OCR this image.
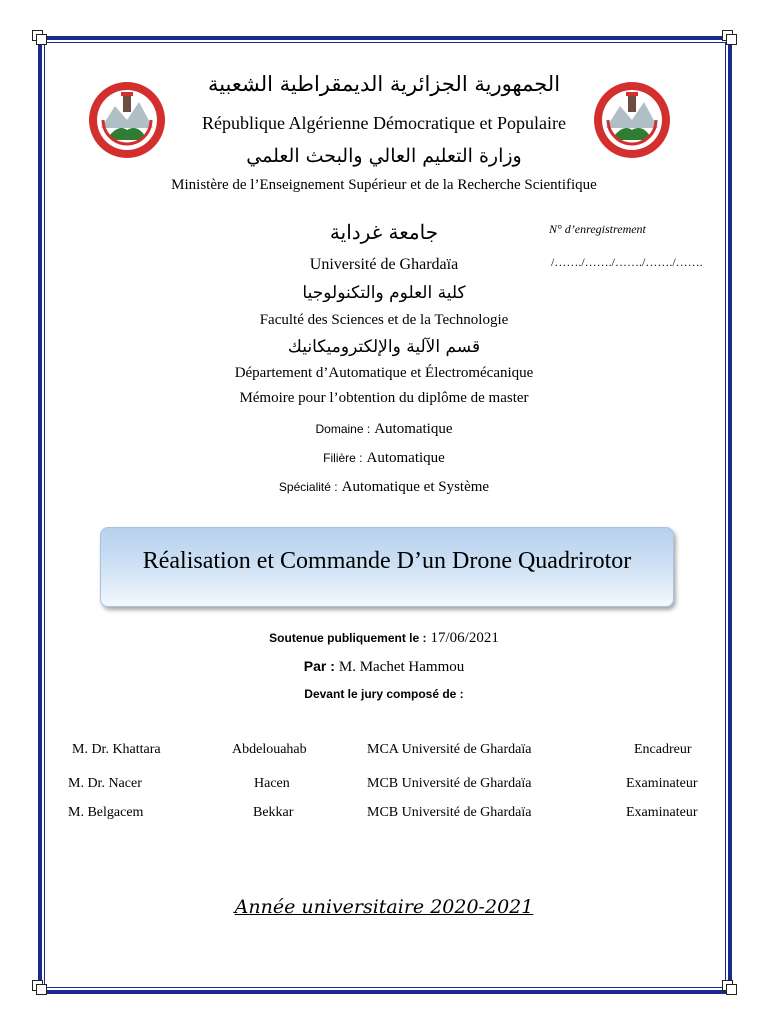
الجمهورية الجزائرية الديمقراطية الشعبية
République Algérienne Démocratique et Populaire
وزارة التعليم العالي والبحث العلمي
Ministère de l’Enseignement Supérieur et de la Recherche Scientifique
جامعة غرداية
Université de Ghardaïa
كلية العلوم والتكنولوجيا
Faculté des Sciences et de la Technologie
قسم الآلية والإلكتروميكانيك
Département d’Automatique et Électromécanique
Mémoire pour l’obtention du diplôme de master
N° d’enregistrement
/……./……./……./……./…….
Domaine : Automatique
Filière : Automatique
Spécialité : Automatique et Système
Réalisation et Commande D’un Drone Quadrirotor
Soutenue publiquement le : 17/06/2021
Par : M. Machet Hammou
Devant le jury composé de :
M. Dr. Khattara	Abdelouahab	MCA Université de Ghardaïa	Encadreur
M. Dr. Nacer	Hacen	MCB Université de Ghardaïa	Examinateur
M. Belgacem	Bekkar	MCB Université de Ghardaïa	Examinateur
Année universitaire 2020-2021
